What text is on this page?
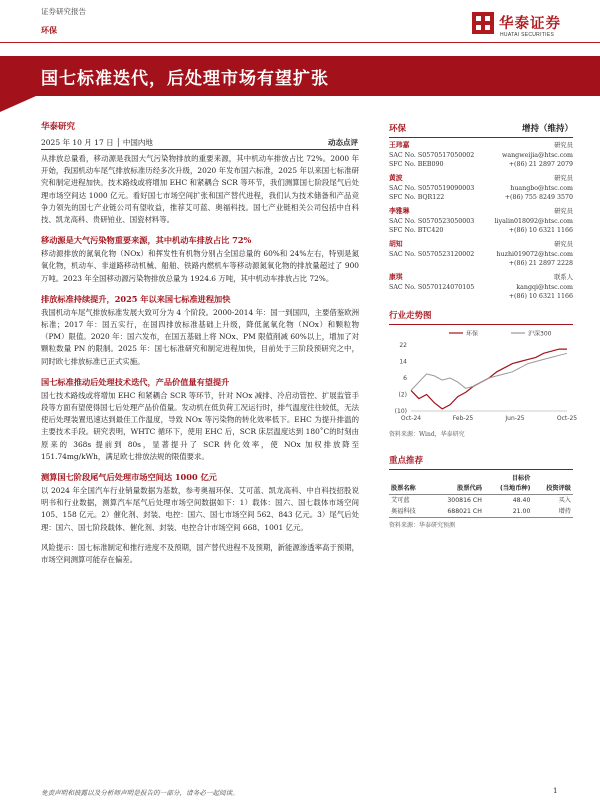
证券研究报告
环保	华泰证券
HUATAI SECURITIES
国七标准迭代，后处理市场有望扩张
华泰研究
2025 年 10 月 17 日 │ 中国内地	动态点评

从排放总量看，移动源是我国大气污染物排放的重要来源，其中机动车排放占比 72%。2000 年开始，我国机动车尾气排放标准历经多次升级，2020 年发布国六标准，2025 年以来国七标准研究和制定进程加快。技术路线或将增加 EHC 和紧耦合 SCR 等环节，我们测算国七阶段尾气后处理市场空间达 1000 亿元。看好国七市场空间扩张和国产替代进程，我们认为技术储备和产品竞争力领先的国七产业链公司有望收益，推荐艾可蓝、奥福科技。国七产业链相关公司包括中自科技、凯龙高科、贵研铂业、国瓷材料等。

移动源是大气污染物重要来源，其中机动车排放占比 72%

移动源排放的氮氧化物（NOx）和挥发性有机物分别占全国总量的 60%和 24%左右，特别是氮氧化物，机动车、非道路移动机械、船舶、铁路内燃机车等移动源氮氧化物的排放量超过了 900 万吨。2023 年全国移动源污染物排放总量为 1924.6 万吨，其中机动车排放占比 72%。

排放标准持续提升，2025 年以来国七标准进程加快

我国机动车尾气排放标准发展大致可分为 4 个阶段。2000-2014 年：国一到国四，主要借鉴欧洲标准；2017 年：国五实行，在国四排放标准基础上升级，降低氮氧化物（NOx）和颗粒物（PM）限值。2020 年：国六发布，在国五基础上将 NOx、PM 限值削减 60%以上，增加了对颗粒数量 PN 的限制。2025 年：国七标准研究和制定进程加快，目前处于三阶段预研究之中，同时欧七排放标准已正式实施。

国七标准推动后处理技术迭代，产品价值量有望提升

国七技术路线或将增加 EHC 和紧耦合 SCR 等环节，针对 NOx 减排、冷启动管控、扩展监管手段等方面有望使得国七后处理产品价值量。发动机在低负荷工况运行时，排气温度往往较低，无法使后处理装置迅速达到最佳工作温度，导致 NOx 等污染物的转化效率低下。EHC 为提升排温的主要技术手段。研究表明，WHTC 循环下，使用 EHC 后，SCR 床层温度达到 180˚C的时刻由原来的 368s 提前到 80s，显著提升了 SCR 转化效率，使 NOx 加权排放降至 151.74mg/kWh，满足欧七排放法规的限值要求。

测算国七阶段尾气后处理市场空间达 1000 亿元

以 2024 年全国汽车行业销量数据为基数，参考奥福环保、艾可蓝、凯龙高科、中自科技招股说明书和行业数据，测算汽车尾气后处理市场空间数据如下：1）载体：国六、国七载体市场空间 105、158 亿元。2）催化剂、封装、电控：国六、国七市场空间 562、843 亿元。3）尾气后处理：国六、国七阶段载体、催化剂、封装、电控合计市场空间 668、1001 亿元。

风险提示：国七标准制定和推行进度不及预期，国产替代进程不及预期，新能源渗透率高于预期，市场空间测算可能存在偏差。

环保	增持（维持）
王玮嘉	研究员
SAC No. S0570517050002	wangweijia@htsc.com
SFC No. BEB090	+(86) 21 2897 2079
黄波	研究员
SAC No. S0570519090003	huangbo@htsc.com
SFC No. BQR122	+(86) 755 8249 3570
李雅琳	研究员
SAC No. S0570523050003	liyalin018092@htsc.com
SFC No. BTC420	+(86) 10 6321 1166
胡知	研究员
SAC No. S0570523120002	huzhi019072@htsc.com
+(86) 21 2897 2228
康琪	联系人
SAC No. S0570124070105	kangqi@htsc.com
+(86) 10 6321 1166
行业走势图
环保	沪深300
22
14
6
(2)
(10)
Oct-24	Feb-25	Jun-25	Oct-25
资料来源：Wind，华泰研究
重点推荐
		目标价	
股票名称	股票代码	(当地币种)	投资评级
艾可蓝	300816 CH	48.40	买入
奥福科技	688021 CH	21.00	增持
资料来源：华泰研究预测
免责声明和披露以及分析师声明是报告的一部分，请务必一起阅读。	1
